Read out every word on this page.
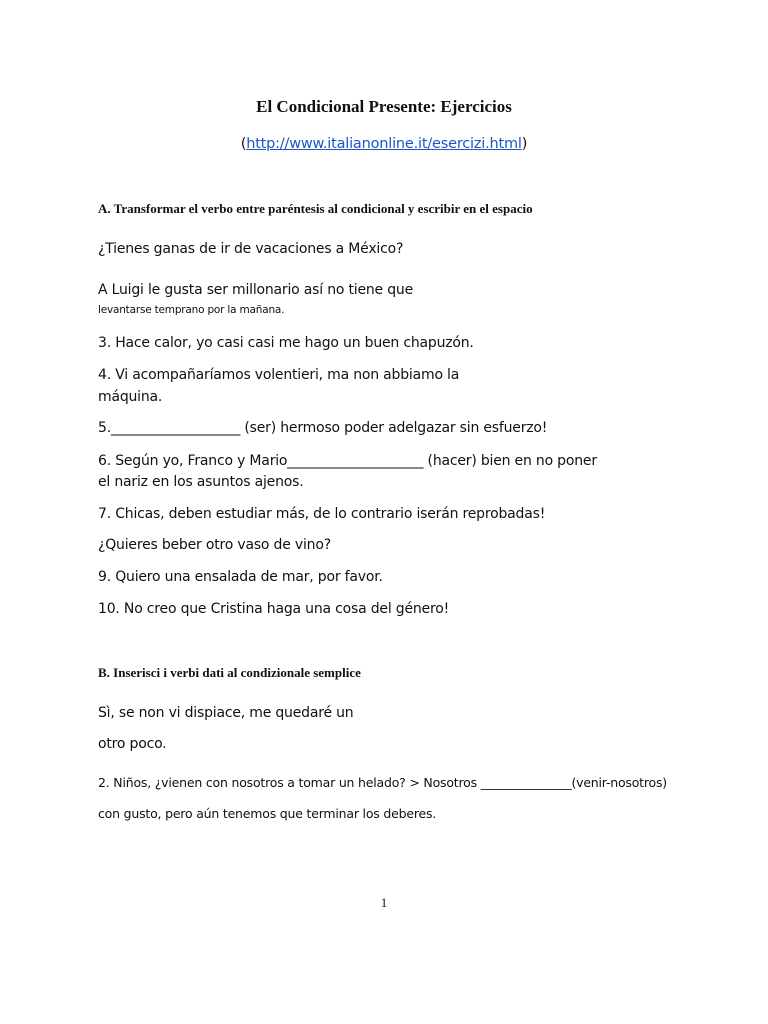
El Condicional Presente: Ejercicios
(http://www.italianonline.it/esercizi.html)
A. Transformar el verbo entre paréntesis al condicional y escribir en el espacio
¿Tienes ganas de ir de vacaciones a México?
A Luigi le gusta ser millonario así no tiene que
levantarse temprano por la mañana.
3. Hace calor, yo casi casi me hago un buen chapuzón.
4. Vi acompañaríamos volentieri, ma non abbiamo la
máquina.
5.___________________ (ser) hermoso poder adelgazar sin esfuerzo!
6. Según yo, Franco y Mario____________________ (hacer) bien en no poner
el nariz en los asuntos ajenos.
7. Chicas, deben estudiar más, de lo contrario iserán reprobadas!
¿Quieres beber otro vaso de vino?
9. Quiero una ensalada de mar, por favor.
10. No creo que Cristina haga una cosa del género!
B. Inserisci i verbi dati al condizionale semplice
Sì, se non vi dispiace, me quedaré un
otro poco.
2. Niños, ¿vienen con nosotros a tomar un helado? > Nosotros _______________(venir-nosotros)
con gusto, pero aún tenemos que terminar los deberes.
1
